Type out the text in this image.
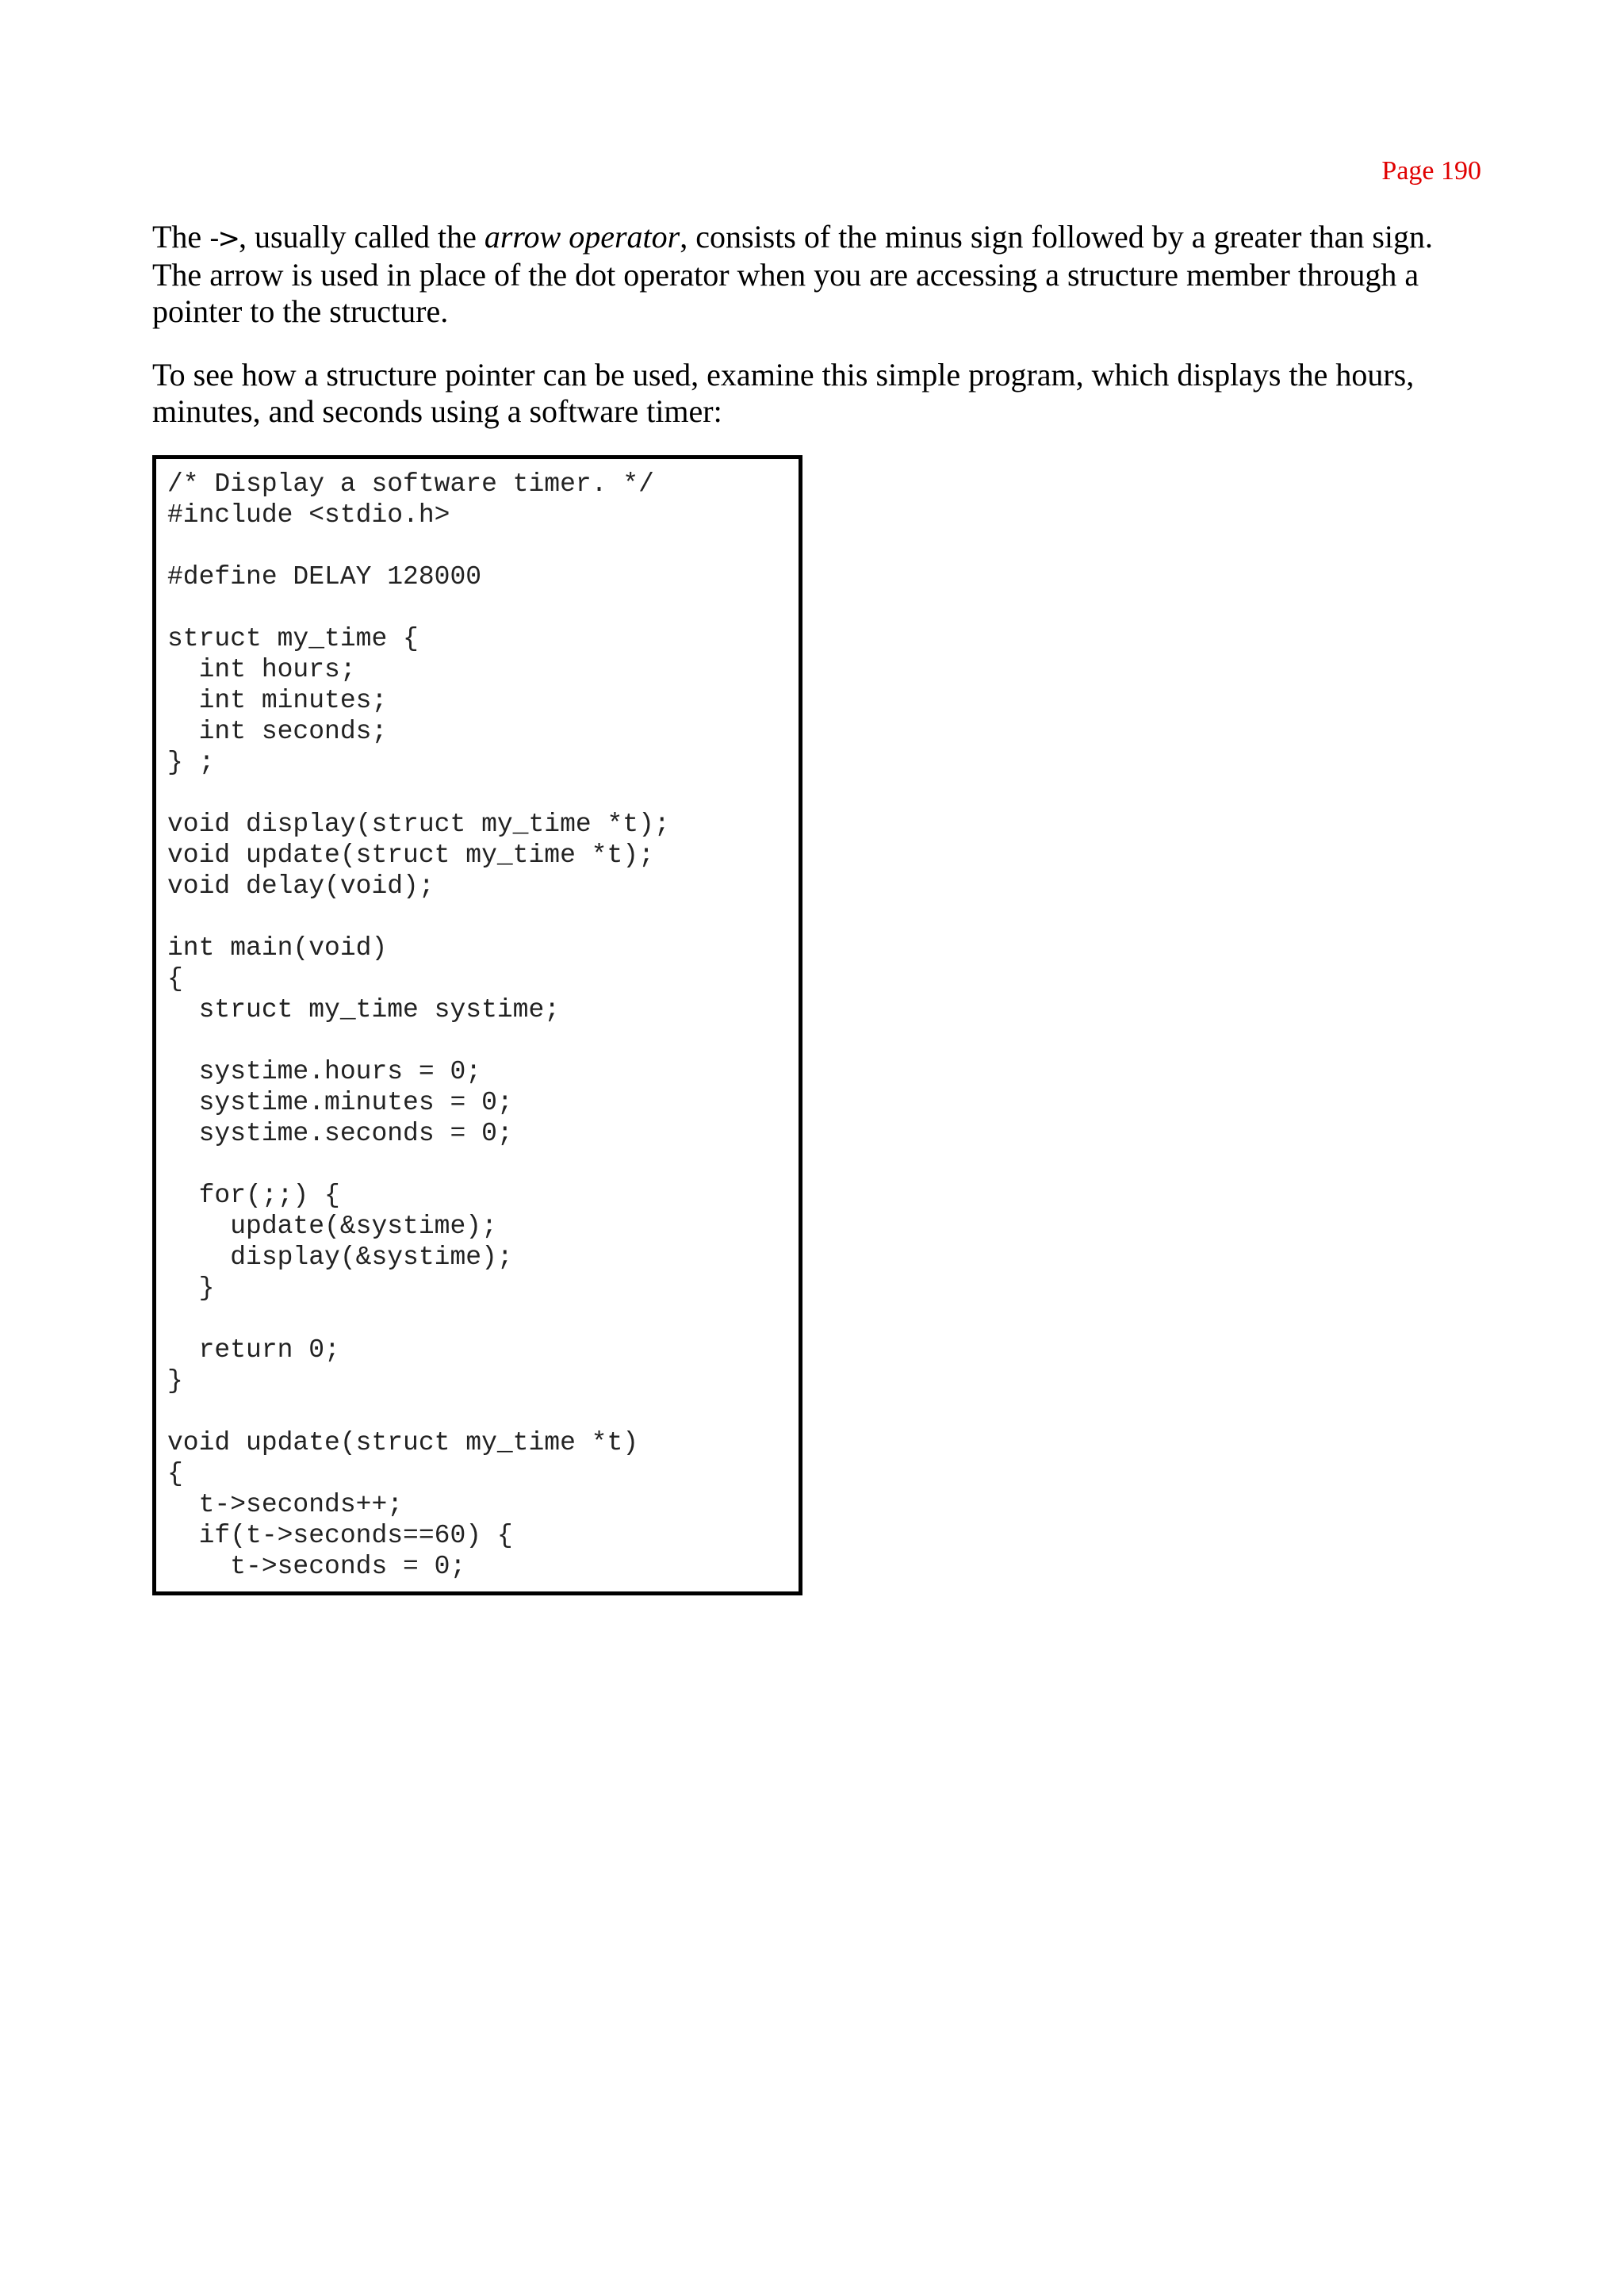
Page 190

The ->, usually called the arrow operator, consists of the minus sign followed by a greater than sign. The arrow is used in place of the dot operator when you are accessing a structure member through a pointer to the structure.

To see how a structure pointer can be used, examine this simple program, which displays the hours, minutes, and seconds using a software timer:

/* Display a software timer. */
#include <stdio.h>
#define DELAY 128000
struct my_time {
int hours;
int minutes;
int seconds;
} ;
void display(struct my_time *t);
void update(struct my_time *t);
void delay(void);
int main(void)
{
struct my_time systime;
systime.hours = 0;
systime.minutes = 0;
systime.seconds = 0;
for(;;) {
update(&systime);
display(&systime);
}
return 0;
}
void update(struct my_time *t)
{
t->seconds++;
if(t->seconds==60) {
t->seconds = 0;
